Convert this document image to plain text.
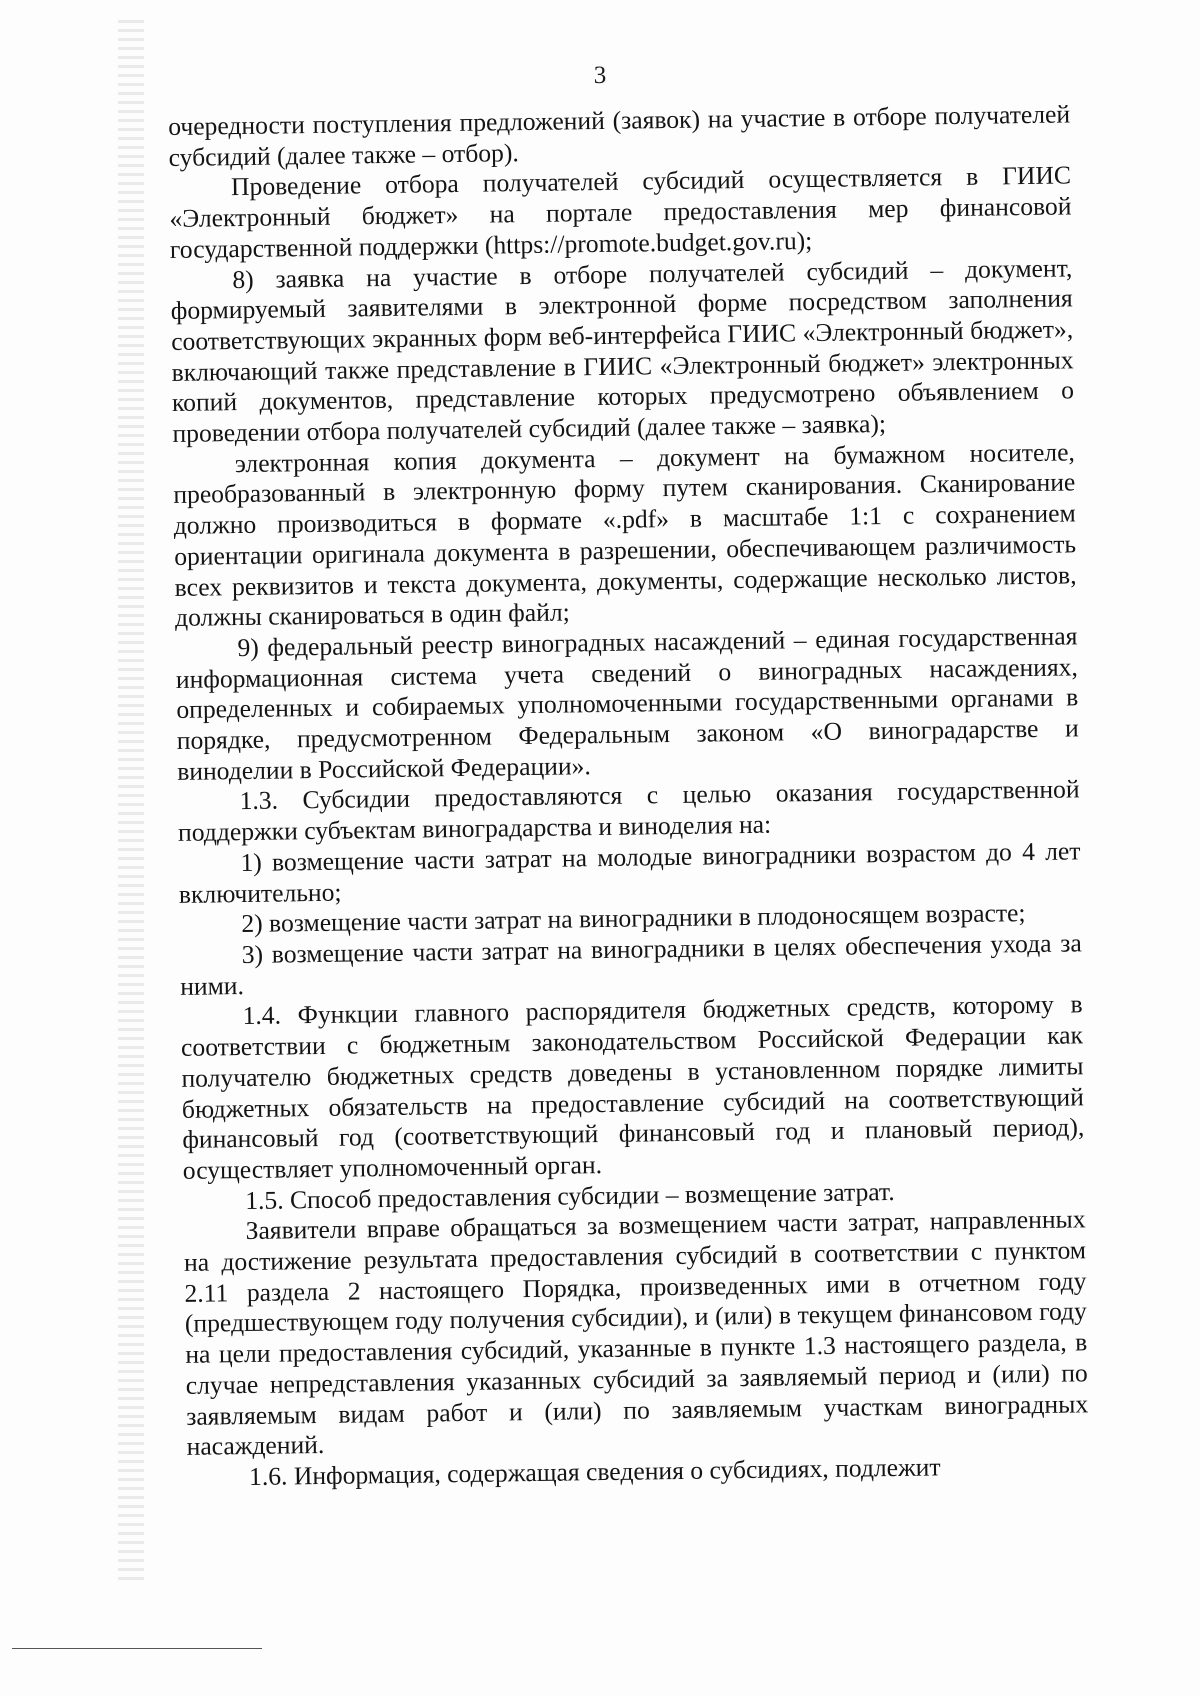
3

очередности поступления предложений (заявок) на участие в отборе получателей субсидий (далее также – отбор).

Проведение отбора получателей субсидий осуществляется в ГИИС «Электронный бюджет» на портале предоставления мер финансовой государственной поддержки (https://promote.budget.gov.ru);

8) заявка на участие в отборе получателей субсидий – документ, формируемый заявителями в электронной форме посредством заполнения соответствующих экранных форм веб-интерфейса ГИИС «Электронный бюджет», включающий также представление в ГИИС «Электронный бюджет» электронных копий документов, представление которых предусмотрено объявлением о проведении отбора получателей субсидий (далее также – заявка);

электронная копия документа – документ на бумажном носителе, преобразованный в электронную форму путем сканирования. Сканирование должно производиться в формате «.pdf» в масштабе 1:1 с сохранением ориентации оригинала документа в разрешении, обеспечивающем различимость всех реквизитов и текста документа, документы, содержащие несколько листов, должны сканироваться в один файл;

9) федеральный реестр виноградных насаждений – единая государственная информационная система учета сведений о виноградных насаждениях, определенных и собираемых уполномоченными государственными органами в порядке, предусмотренном Федеральным законом «О виноградарстве и виноделии в Российской Федерации».

1.3. Субсидии предоставляются с целью оказания государственной поддержки субъектам виноградарства и виноделия на:

1) возмещение части затрат на молодые виноградники возрастом до 4 лет включительно;

2) возмещение части затрат на виноградники в плодоносящем возрасте;

3) возмещение части затрат на виноградники в целях обеспечения ухода за ними.

1.4. Функции главного распорядителя бюджетных средств, которому в соответствии с бюджетным законодательством Российской Федерации как получателю бюджетных средств доведены в установленном порядке лимиты бюджетных обязательств на предоставление субсидий на соответствующий финансовый год (соответствующий финансовый год и плановый период), осуществляет уполномоченный орган.

1.5. Способ предоставления субсидии – возмещение затрат.

Заявители вправе обращаться за возмещением части затрат, направленных на достижение результата предоставления субсидий в соответствии с пунктом 2.11 раздела 2 настоящего Порядка, произведенных ими в отчетном году (предшествующем году получения субсидии), и (или) в текущем финансовом году на цели предоставления субсидий, указанные в пункте 1.3 настоящего раздела, в случае непредставления указанных субсидий за заявляемый период и (или) по заявляемым видам работ и (или) по заявляемым участкам виноградных насаждений.

1.6. Информация, содержащая сведения о субсидиях, подлежит
